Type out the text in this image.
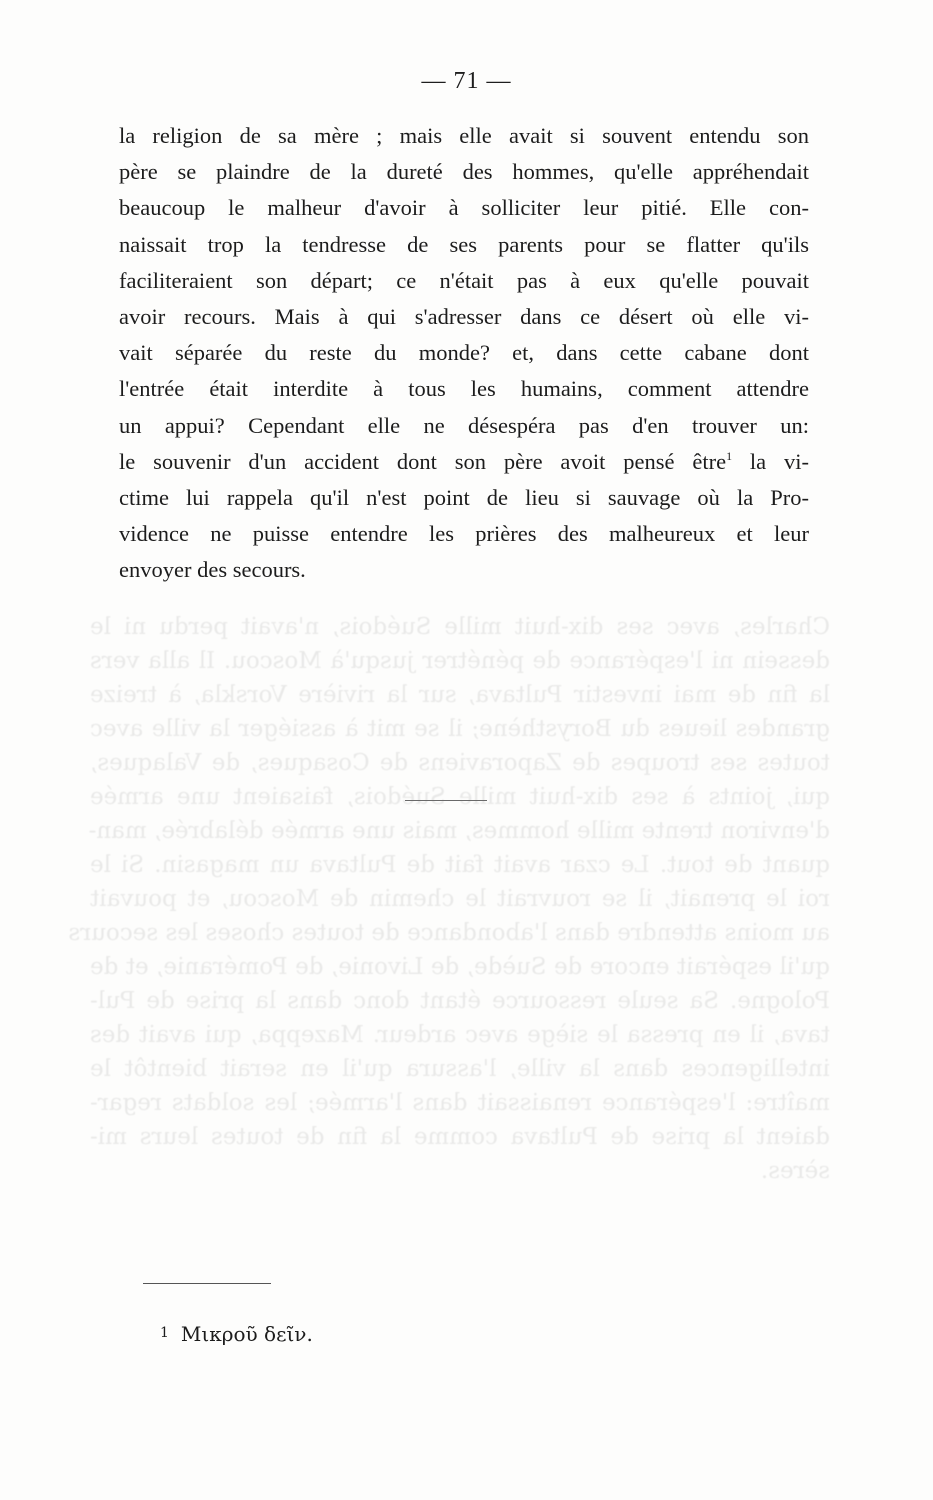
Charles, avec ses dix-huit mille Suédois, n'avait perdu ni le
dessein ni l'espérance de pénétrer jusqu'à Moscou. Il alla vers
la fin de mai investir Pultava, sur la rivière Vorskla, à treize
grandes lieues du Borysthène; il se mit à assiéger la ville avec
toutes ses troupes de Zaporaviens de Cosaques, de Valaques,
qui, joints à ses dix-huit mille Suédois, faisaient une armée
d'environ trente mille hommes, mais une armée délabrée, man-
quant de tout. Le czar avait fait de Pultava un magasin. Si le
roi le prenait, il se rouvrait le chemin de Moscou, et pouvait
au moins attendre dans l'abondance de toutes choses les secours
qu'il espérait encore de Suède, de Livonie, de Poméranie, et de
Pologne. Sa seule ressource étant donc dans la prise de Pul-
tava, il en pressa le siège avec ardeur. Mazeppa, qui avait des
intelligences dans la ville, l'assura qu'il en serait bientôt le
maître: l'espérance renaissait dans l'armée; les soldats regar-
daient la prise de Pultava comme la fin de toutes leurs mi-
sères.
— 71 —
la religion de sa mère ; mais elle avait si souvent entendu son
père se plaindre de la dureté des hommes, qu'elle appréhendait
beaucoup le malheur d'avoir à solliciter leur pitié. Elle con-
naissait trop la tendresse de ses parents pour se flatter qu'ils
faciliteraient son départ; ce n'était pas à eux qu'elle pouvait
avoir recours. Mais à qui s'adresser dans ce désert où elle vi-
vait séparée du reste du monde? et, dans cette cabane dont
l'entrée était interdite à tous les humains, comment attendre
un appui? Cependant elle ne désespéra pas d'en trouver un:
le souvenir d'un accident dont son père avoit pensé être$^1$ la vi-
ctime lui rappela qu'il n'est point de lieu si sauvage où la Pro-
vidence ne puisse entendre les prières des malheureux et leur
envoyer des secours.
$^1$ Μικροῦ δεῖν.
